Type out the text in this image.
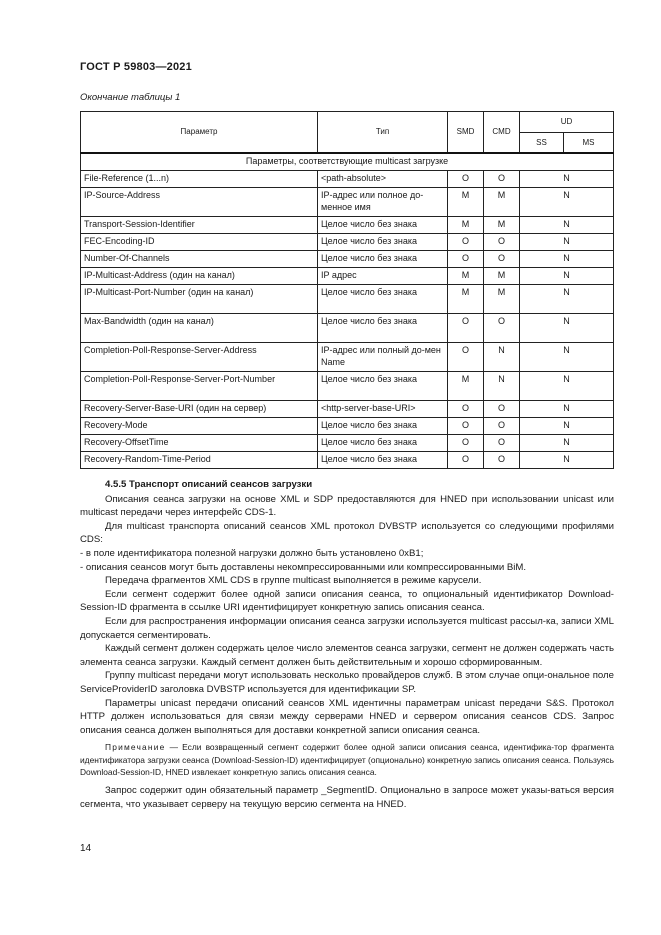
ГОСТ Р 59803—2021
Окончание таблицы 1
Параметр	Тип	SMD	CMD	UD	
				SS	MS
Параметры, соответствующие multicast загрузке					
File-Reference (1...n)	<path-absolute>	O	O	N	
IP-Source-Address	IP-адрес или полное до-менное имя	M	M	N	
Transport-Session-Identifier	Целое число без знака	M	M	N	
FEC-Encoding-ID	Целое число без знака	O	O	N	
Number-Of-Channels	Целое число без знака	O	O	N	
IP-Multicast-Address (один на канал)	IP адрес	M	M	N	
IP-Multicast-Port-Number (один на канал)	Целое число без знака	M	M	N	
Max-Bandwidth (один на канал)	Целое число без знака	O	O	N	
Completion-Poll-Response-Server-Address	IP-адрес или полный до-мен Name	O	N	N	
Completion-Poll-Response-Server-Port-Number	Целое число без знака	M	N	N	
Recovery-Server-Base-URI (один на сервер)	<http-server-base-URI>	O	O	N	
Recovery-Mode	Целое число без знака	O	O	N	
Recovery-OffsetTime	Целое число без знака	O	O	N	
Recovery-Random-Time-Period	Целое число без знака	O	O	N	

4.5.5 Транспорт описаний сеансов загрузки

Описания сеанса загрузки на основе XML и SDP предоставляются для HNED при использовании unicast или multicast передачи через интерфейс CDS-1.

Для multicast транспорта описаний сеансов XML протокол DVBSTP используется со следующими профилями CDS:

- в поле идентификатора полезной нагрузки должно быть установлено 0xB1;

- описания сеансов могут быть доставлены некомпрессированными или компрессированными BiM.

Передача фрагментов XML CDS в группе multicast выполняется в режиме карусели.

Если сегмент содержит более одной записи описания сеанса, то опциональный идентификатор Download-Session-ID фрагмента в ссылке URI идентифицирует конкретную запись описания сеанса.

Если для распространения информации описания сеанса загрузки используется multicast рассыл-ка, записи XML допускается сегментировать.

Каждый сегмент должен содержать целое число элементов сеанса загрузки, сегмент не должен содержать часть элемента сеанса загрузки. Каждый сегмент должен быть действительным и хорошо сформированным.

Группу multicast передачи могут использовать несколько провайдеров служб. В этом случае опци-ональное поле ServiceProviderID заголовка DVBSTP используется для идентификации SP.

Параметры unicast передачи описаний сеансов XML идентичны параметрам unicast передачи S&S. Протокол HTTP должен использоваться для связи между серверами HNED и сервером описания сеансов CDS. Запрос описания сеанса должен выполняться для доставки конкретной записи описания сеанса.

Примечание — Если возвращенный сегмент содержит более одной записи описания сеанса, идентифика-тор фрагмента идентификатора загрузки сеанса (Download-Session-ID) идентифицирует (опционально) конкретную запись описания сеанса. Пользуясь Download-Session-ID, HNED извлекает конкретную запись описания сеанса.

Запрос содержит один обязательный параметр _SegmentID. Опционально в запросе может указы-ваться версия сегмента, что указывает серверу на текущую версию сегмента на HNED.

14
